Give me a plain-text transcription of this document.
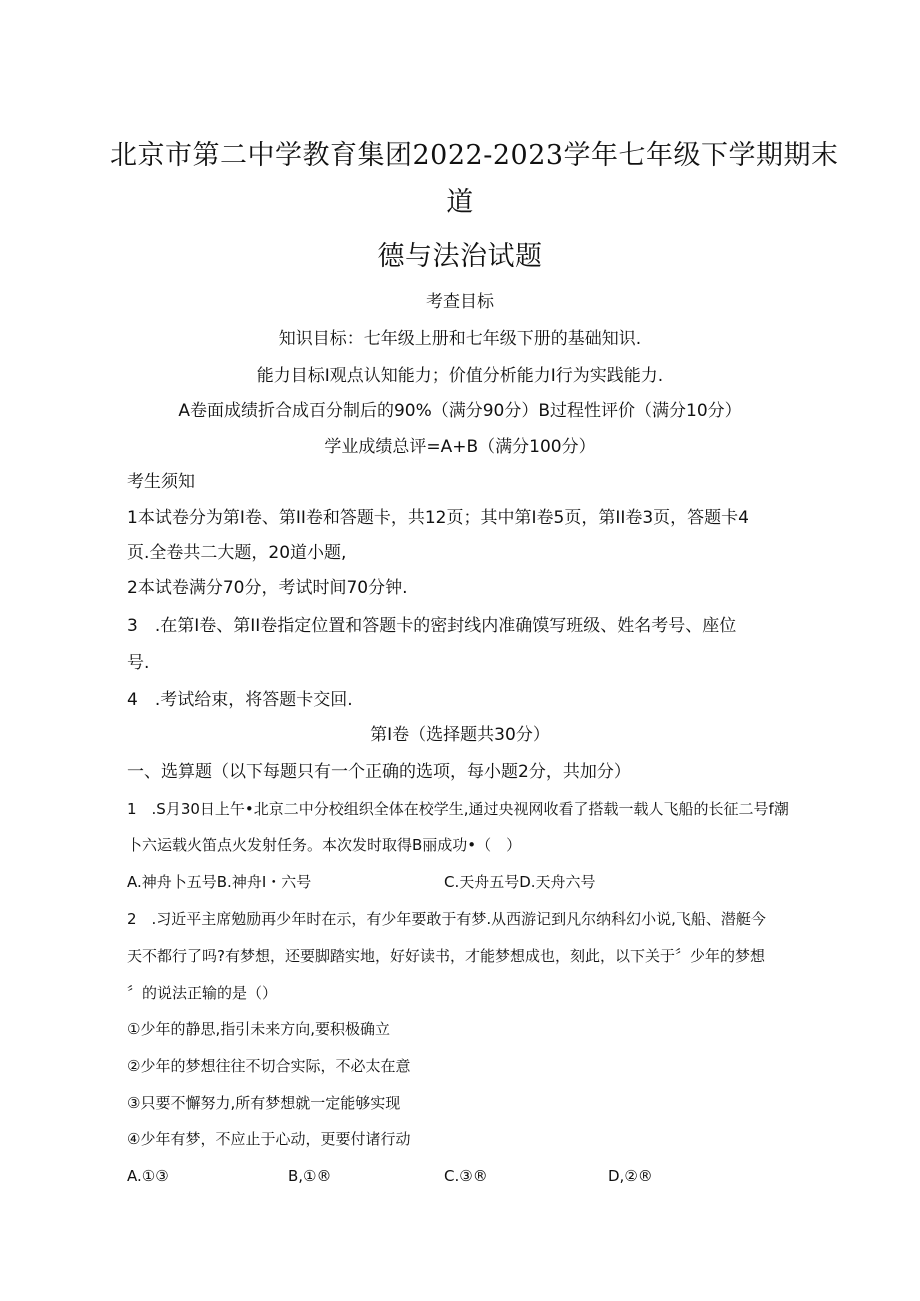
北京市第二中学教育集团2022-2023学年七年级下学期期末
道
德与法治试题
考查目标
知识目标：七年级上册和七年级下册的基础知识.
能力目标I观点认知能力；价值分析能力I行为实践能力.
A卷面成绩折合成百分制后的90%（满分90分）B过程性评价（满分10分）
学业成绩总评=A+B（满分100分）
考生须知
1本试卷分为第I卷、第II卷和答题卡，共12页；其中第I卷5页，第II卷3页，答题卡4
页.全卷共二大题，20道小题,
2本试卷满分70分，考试时间70分钟.
3　.在第I卷、第II卷指定位置和答题卡的密封线内准确馍写班级、姓名考号、座位
号.
4　.考试给束，将答题卡交回.
第I卷（选择题共30分）
一、选算题（以下每题只有一个正确的选项，每小题2分，共加分）
1　.S月30日上午•北京二中分校组织全体在校学生,通过央视网收看了搭载一载人飞船的长征二号f潮
卜六运载火笛点火发射任务。本次发时取得B丽成功•（　）
A.神舟卜五号B.神舟I・六号	C.天舟五号D.天舟六号
2　.习近平主席勉励再少年时在示，有少年要敢于有梦.从西游记到凡尔纳科幻小说,飞船、潜艇今
天不都行了吗?有梦想，还要脚踏实地，好好读书，才能梦想成也，刻此，以下关于〞少年的梦想
〞的说法正输的是（）
①少年的静思,指引未来方向,要积极确立
②少年的梦想往往不切合实际，不必太在意
③只要不懈努力,所有梦想就一定能够实现
④少年有梦，不应止于心动，更要付诸行动
A.①③	B,①®	C.③®	D,②®
